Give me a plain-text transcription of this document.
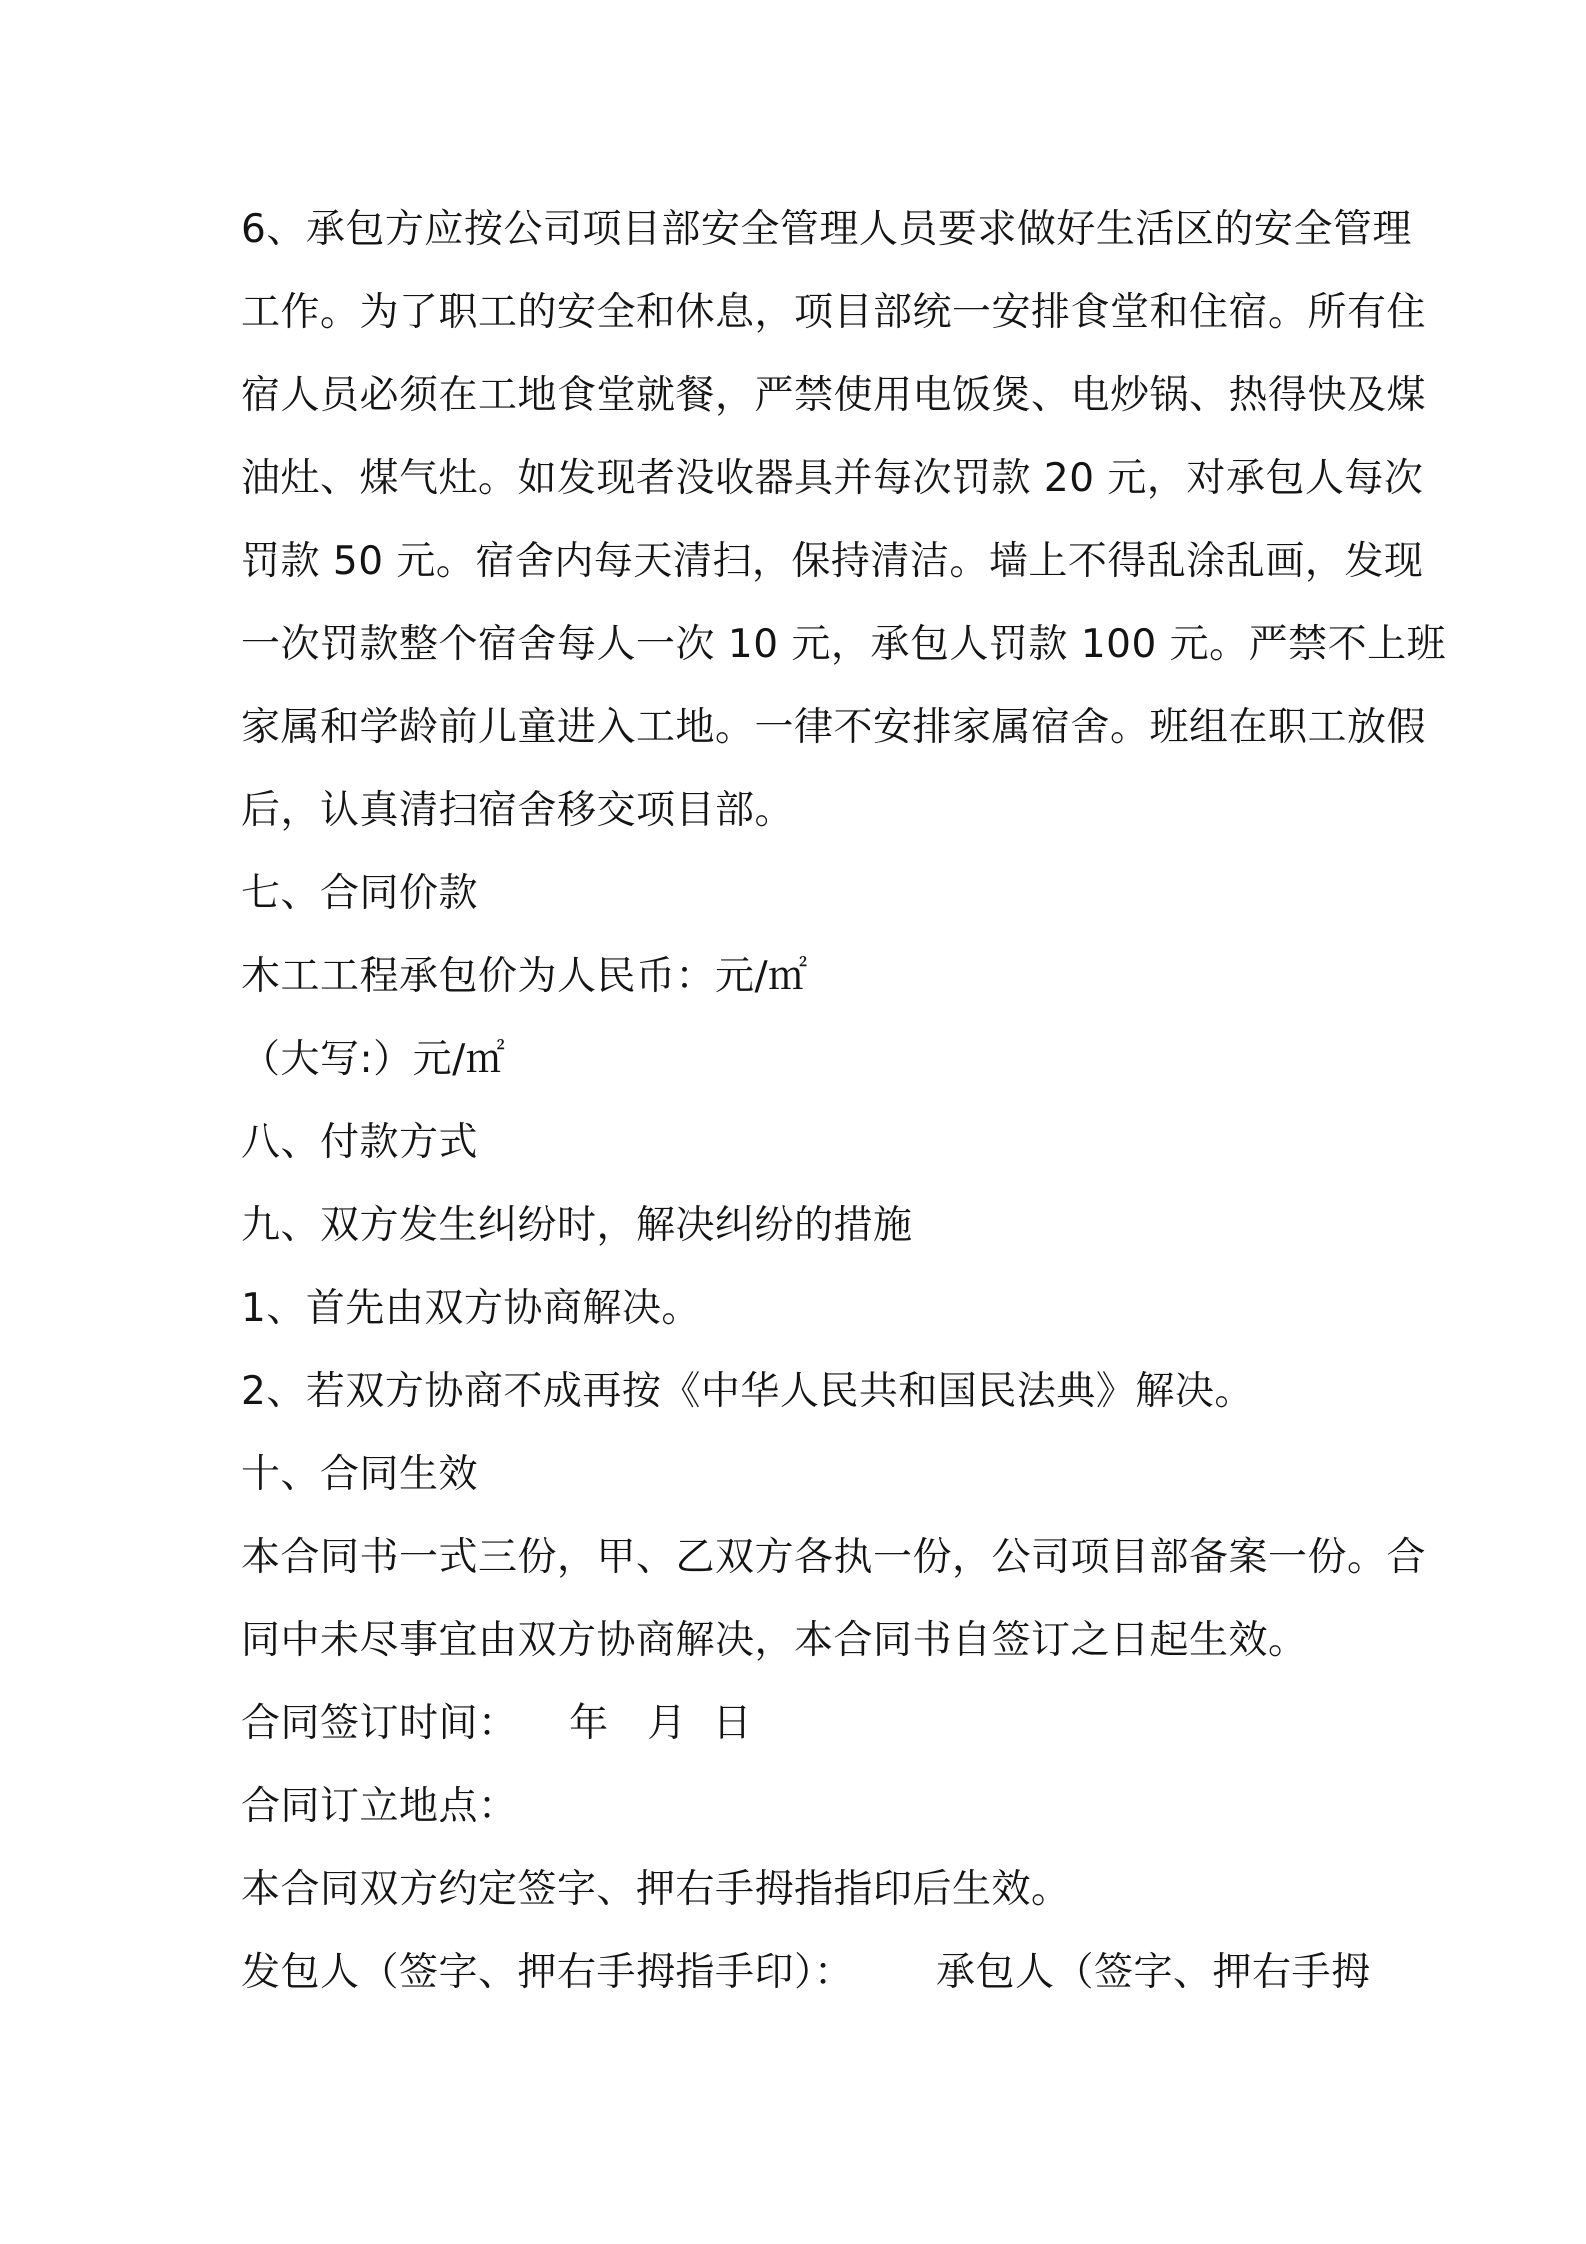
6、承包方应按公司项目部安全管理人员要求做好生活区的安全管理
工作。为了职工的安全和休息，项目部统一安排食堂和住宿。所有住
宿人员必须在工地食堂就餐，严禁使用电饭煲、电炒锅、热得快及煤
油灶、煤气灶。如发现者没收器具并每次罚款 20 元，对承包人每次
罚款 50 元。宿舍内每天清扫，保持清洁。墙上不得乱涂乱画，发现
一次罚款整个宿舍每人一次 10 元，承包人罚款 100 元。严禁不上班
家属和学龄前儿童进入工地。一律不安排家属宿舍。班组在职工放假
后，认真清扫宿舍移交项目部。
七、合同价款
木工工程承包价为人民币：元/㎡
（大写:）元/㎡
八、付款方式
九、双方发生纠纷时，解决纠纷的措施
1、首先由双方协商解决。
2、若双方协商不成再按《中华人民共和国民法典》解决。
十、合同生效
本合同书一式三份，甲、乙双方各执一份，公司项目部备案一份。合
同中未尽事宜由双方协商解决，本合同书自签订之日起生效。
合同签订时间：    年   月  日
合同订立地点：
本合同双方约定签字、押右手拇指指印后生效。
发包人（签字、押右手拇指手印）： 承包人（签字、押右手拇
